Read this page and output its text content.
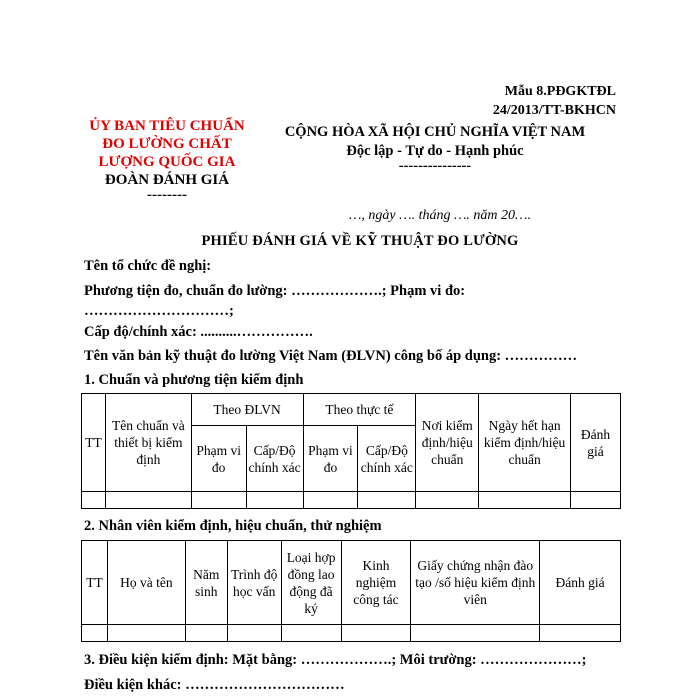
Mẫu 8.PĐGKTĐL
24/2013/TT-BKHCN
ỦY BAN TIÊU CHUẨN
ĐO LƯỜNG CHẤT
LƯỢNG QUỐC GIA
ĐOÀN ĐÁNH GIÁ
--------
CỘNG HÒA XÃ HỘI CHỦ NGHĨA VIỆT NAM
Độc lập - Tự do - Hạnh phúc
---------------
…, ngày …. tháng …. năm 20….
PHIẾU ĐÁNH GIÁ VỀ KỸ THUẬT ĐO LƯỜNG
Tên tổ chức đề nghị:
Phương tiện đo, chuẩn đo lường: ……………….; Phạm vi đo:
…………………………;
Cấp độ/chính xác: ..........…………….
Tên văn bản kỹ thuật đo lường Việt Nam (ĐLVN) công bố áp dụng: ……………
1. Chuẩn và phương tiện kiểm định
TT	Tên chuẩn và thiết bị kiểm định	Theo ĐLVN		Theo thực tế		Nơi kiểm định/hiệu chuẩn	Ngày hết hạn kiểm định/hiệu chuẩn	Đánh giá
		Phạm vi đo	Cấp/Độ chính xác	Phạm vi đo	Cấp/Độ chính xác			

2. Nhân viên kiểm định, hiệu chuẩn, thử nghiệm
TT	Họ và tên	Năm sinh	Trình độ học vấn	Loại hợp đồng lao động đã ký	Kinh nghiệm công tác	Giấy chứng nhận đào tạo /số hiệu kiểm định viên	Đánh giá

3. Điều kiện kiểm định: Mặt bằng: ……………….; Môi trường: …………………;
Điều kiện khác: ……………………………
